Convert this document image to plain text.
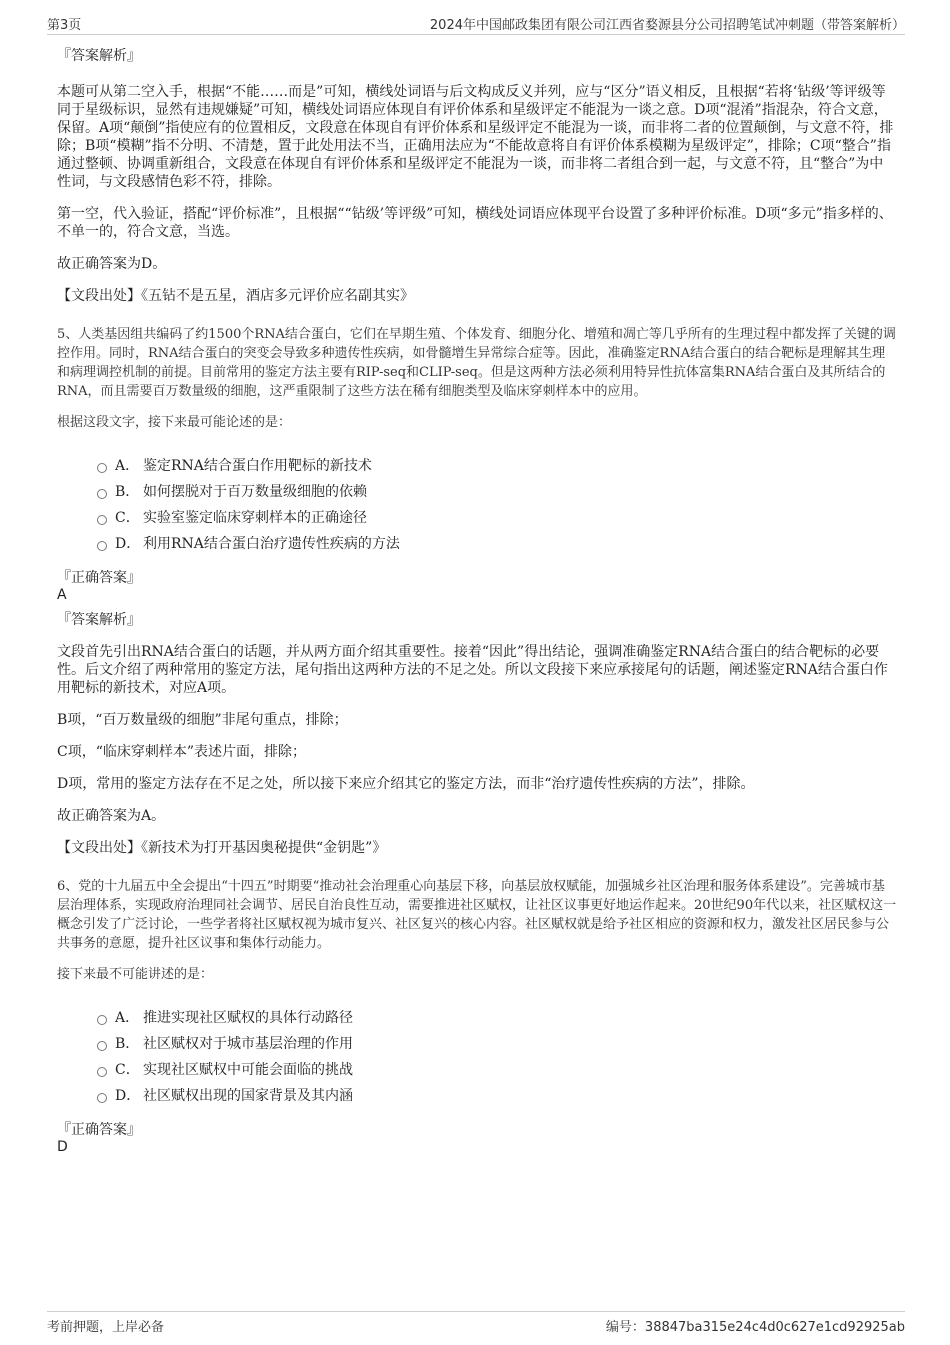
第3页	2024年中国邮政集团有限公司江西省婺源县分公司招聘笔试冲刺题（带答案解析）
『答案解析』

本题可从第二空入手，根据“不能……而是”可知，横线处词语与后文构成反义并列，应与“区分”语义相反，且根据“若将‘钻级’等评级等同于星级标识，显然有违规嫌疑”可知，横线处词语应体现自有评价体系和星级评定不能混为一谈之意。D项“混淆”指混杂，符合文意，保留。A项“颠倒”指使应有的位置相反，文段意在体现自有评价体系和星级评定不能混为一谈，而非将二者的位置颠倒，与文意不符，排除；B项“模糊”指不分明、不清楚，置于此处用法不当，正确用法应为“不能故意将自有评价体系模糊为星级评定”，排除；C项“整合”指通过整顿、协调重新组合，文段意在体现自有评价体系和星级评定不能混为一谈，而非将二者组合到一起，与文意不符，且“整合”为中性词，与文段感情色彩不符，排除。

第一空，代入验证，搭配“评价标准”，且根据““钻级’等评级”可知，横线处词语应体现平台设置了多种评价标准。D项“多元”指多样的、不单一的，符合文意，当选。

故正确答案为D。

【文段出处】《五钻不是五星，酒店多元评价应名副其实》

5、人类基因组共编码了约1500个RNA结合蛋白，它们在早期生殖、个体发育、细胞分化、增殖和凋亡等几乎所有的生理过程中都发挥了关键的调控作用。同时，RNA结合蛋白的突变会导致多种遗传性疾病，如骨髓增生异常综合症等。因此，准确鉴定RNA结合蛋白的结合靶标是理解其生理和病理调控机制的前提。目前常用的鉴定方法主要有RIP-seq和CLIP-seq。但是这两种方法必须利用特异性抗体富集RNA结合蛋白及其所结合的RNA，而且需要百万数量级的细胞，这严重限制了这些方法在稀有细胞类型及临床穿刺样本中的应用。

根据这段文字，接下来最可能论述的是：
A． 鉴定RNA结合蛋白作用靶标的新技术
B． 如何摆脱对于百万数量级细胞的依赖
C． 实验室鉴定临床穿刺样本的正确途径
D． 利用RNA结合蛋白治疗遗传性疾病的方法
『正确答案』
A
『答案解析』

文段首先引出RNA结合蛋白的话题，并从两方面介绍其重要性。接着“因此”得出结论，强调准确鉴定RNA结合蛋白的结合靶标的必要性。后文介绍了两种常用的鉴定方法，尾句指出这两种方法的不足之处。所以文段接下来应承接尾句的话题，阐述鉴定RNA结合蛋白作用靶标的新技术，对应A项。

B项，“百万数量级的细胞”非尾句重点，排除；

C项，“临床穿刺样本”表述片面，排除；

D项，常用的鉴定方法存在不足之处，所以接下来应介绍其它的鉴定方法，而非“治疗遗传性疾病的方法”，排除。

故正确答案为A。

【文段出处】《新技术为打开基因奥秘提供“金钥匙”》

6、党的十九届五中全会提出“十四五”时期要“推动社会治理重心向基层下移，向基层放权赋能，加强城乡社区治理和服务体系建设”。完善城市基层治理体系，实现政府治理同社会调节、居民自治良性互动，需要推进社区赋权，让社区议事更好地运作起来。20世纪90年代以来，社区赋权这一概念引发了广泛讨论，一些学者将社区赋权视为城市复兴、社区复兴的核心内容。社区赋权就是给予社区相应的资源和权力，激发社区居民参与公共事务的意愿，提升社区议事和集体行动能力。

接下来最不可能讲述的是：
A． 推进实现社区赋权的具体行动路径
B． 社区赋权对于城市基层治理的作用
C． 实现社区赋权中可能会面临的挑战
D． 社区赋权出现的国家背景及其内涵
『正确答案』
D
考前押题，上岸必备	编号：38847ba315e24c4d0c627e1cd92925ab
